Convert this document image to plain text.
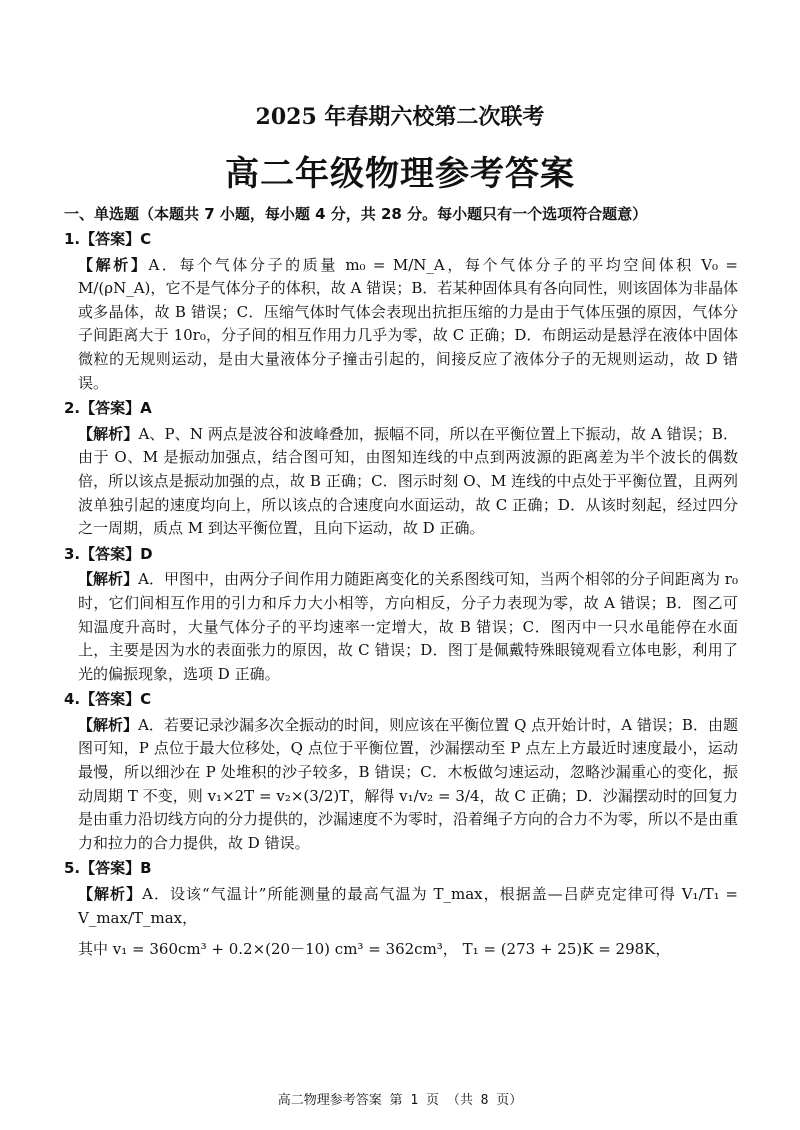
2025 年春期六校第二次联考
高二年级物理参考答案
一、单选题（本题共 7 小题，每小题 4 分，共 28 分。每小题只有一个选项符合题意）

1.【答案】C

【解析】A．每个气体分子的质量 m₀ = M/N_A，每个气体分子的平均空间体积 V₀ = M/(ρN_A)，它不是气体分子的体积，故 A 错误；B．若某种固体具有各向同性，则该固体为非晶体或多晶体，故 B 错误；C．压缩气体时气体会表现出抗拒压缩的力是由于气体压强的原因，气体分子间距离大于 10r₀，分子间的相互作用力几乎为零，故 C 正确；D．布朗运动是悬浮在液体中固体微粒的无规则运动，是由大量液体分子撞击引起的，间接反应了液体分子的无规则运动，故 D 错误。

2.【答案】A

【解析】A、P、N 两点是波谷和波峰叠加，振幅不同，所以在平衡位置上下振动，故 A 错误；B．由于 O、M 是振动加强点，结合图可知，由图知连线的中点到两波源的距离差为半个波长的偶数倍，所以该点是振动加强的点，故 B 正确；C．图示时刻 O、M 连线的中点处于平衡位置，且两列波单独引起的速度均向上，所以该点的合速度向水面运动，故 C 正确；D．从该时刻起，经过四分之一周期，质点 M 到达平衡位置，且向下运动，故 D 正确。

3.【答案】D

【解析】A．甲图中，由两分子间作用力随距离变化的关系图线可知，当两个相邻的分子间距离为 r₀ 时，它们间相互作用的引力和斥力大小相等，方向相反，分子力表现为零，故 A 错误；B．图乙可知温度升高时，大量气体分子的平均速率一定增大，故 B 错误；C．图丙中一只水黾能停在水面上，主要是因为水的表面张力的原因，故 C 错误；D．图丁是佩戴特殊眼镜观看立体电影，利用了光的偏振现象，选项 D 正确。

4.【答案】C

【解析】A．若要记录沙漏多次全振动的时间，则应该在平衡位置 Q 点开始计时，A 错误；B．由题图可知，P 点位于最大位移处，Q 点位于平衡位置，沙漏摆动至 P 点左上方最近时速度最小，运动最慢，所以细沙在 P 处堆积的沙子较多，B 错误；C．木板做匀速运动，忽略沙漏重心的变化，振动周期 T 不变，则 v₁×2T = v₂×(3/2)T，解得 v₁/v₂ = 3/4，故 C 正确；D．沙漏摆动时的回复力是由重力沿切线方向的分力提供的，沙漏速度不为零时，沿着绳子方向的合力不为零，所以不是由重力和拉力的合力提供，故 D 错误。

5.【答案】B

【解析】A．设该“气温计”所能测量的最高气温为 T_max，根据盖—吕萨克定律可得 V₁/T₁ = V_max/T_max，

其中 v₁ = 360cm³ + 0.2×(20－10) cm³ = 362cm³， T₁ = (273 + 25)K = 298K，

高二物理参考答案 第 1 页 （共 8 页）
